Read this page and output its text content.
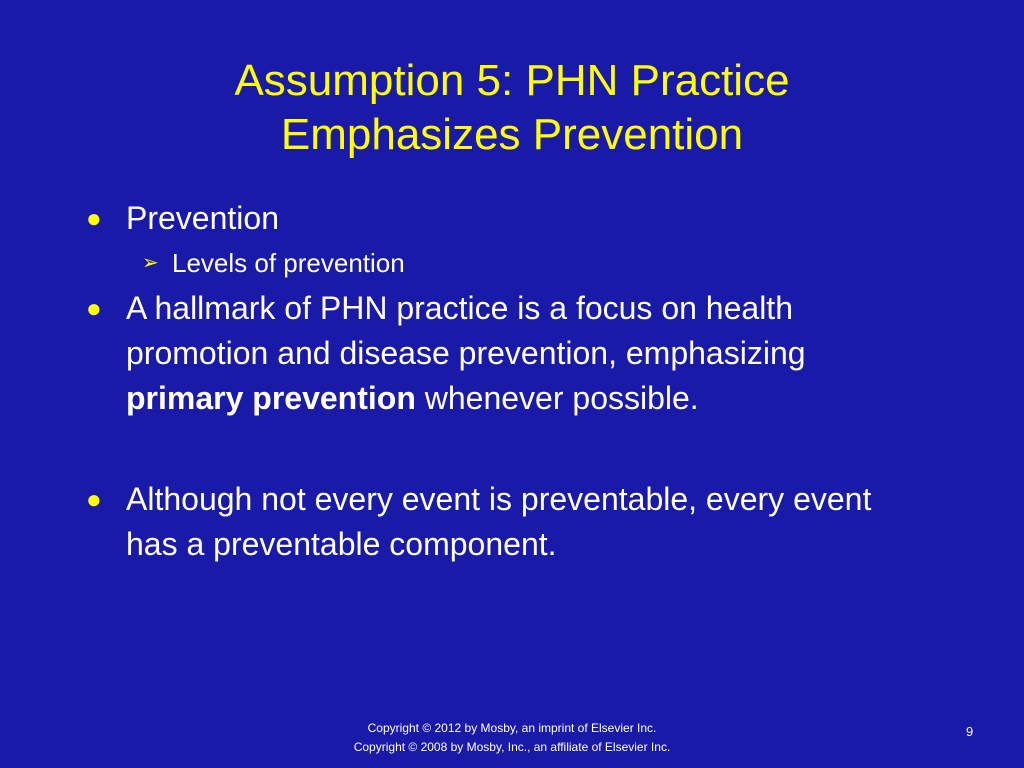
Assumption 5: PHN Practice
Emphasizes Prevention
● Prevention
➢ Levels of prevention
● A hallmark of PHN practice is a focus on health promotion and disease prevention, emphasizing primary prevention whenever possible.
● Although not every event is preventable, every event has a preventable component.
Copyright © 2012 by Mosby, an imprint of Elsevier Inc.
Copyright © 2008 by Mosby, Inc., an affiliate of Elsevier Inc.
9
